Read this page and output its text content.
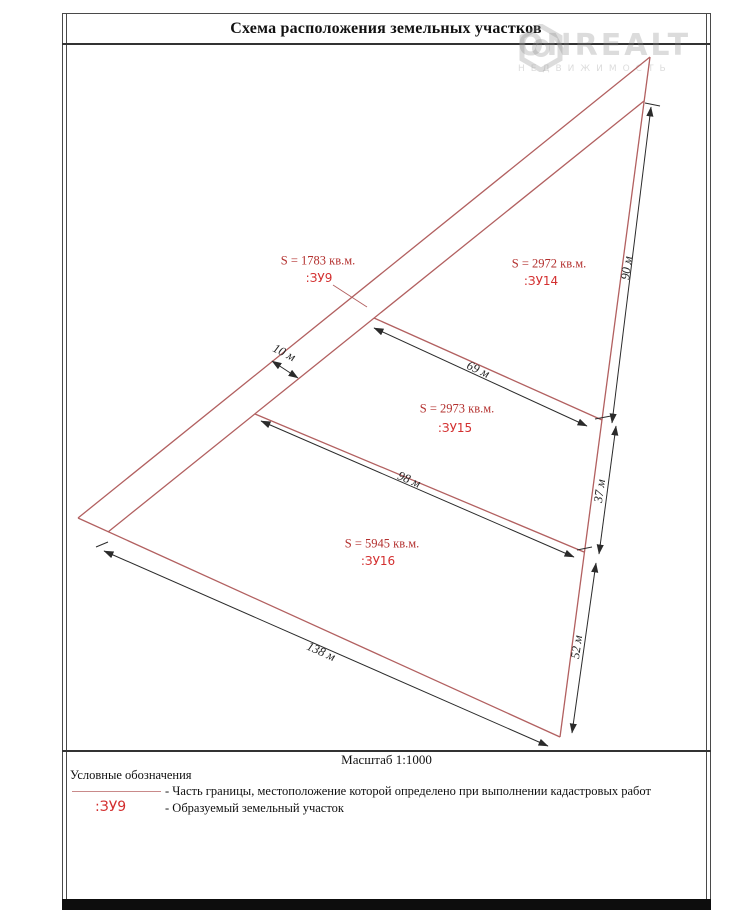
Схема расположения земельных участков
ONREALT
НЕДВИЖИМОСТЬ
S = 1783 кв.м.
:ЗУ9
S = 2972 кв.м.
:ЗУ14
S = 2973 кв.м.
:ЗУ15
S = 5945 кв.м.
:ЗУ16
10 м
69 м
90 м
37 м
52 м
98 м
138 м
Масштаб 1:1000
Условные обозначения
- Часть границы, местоположение которой определено при выполнении кадастровых работ
:ЗУ9	- Образуемый земельный участок
